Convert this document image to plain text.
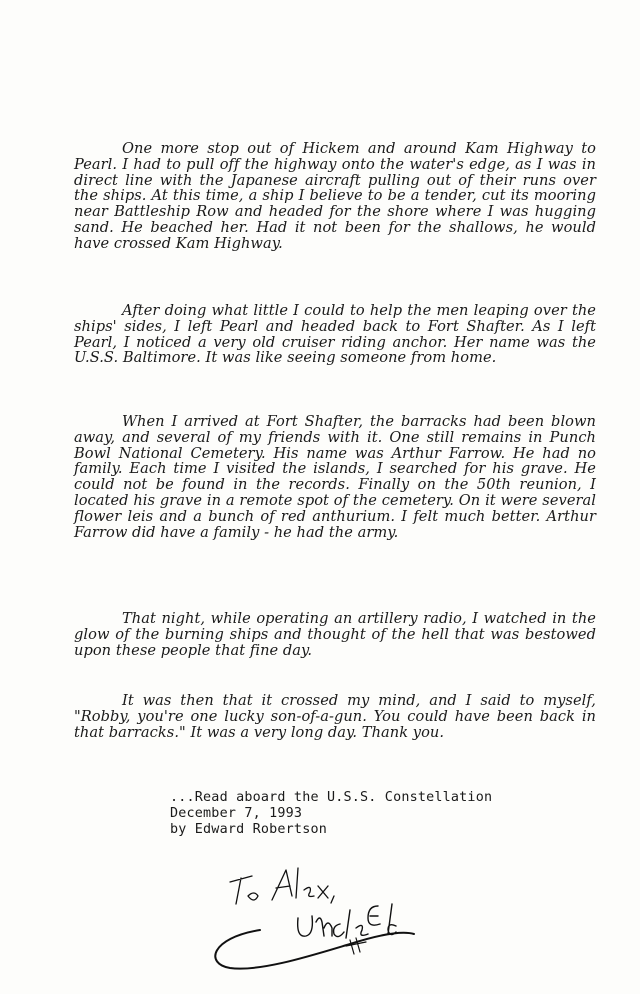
One more stop out of Hickem and around Kam Highway to Pearl. I had to pull off the highway onto the water's edge, as I was in direct line with the Japanese aircraft pulling out of their runs over the ships. At this time, a ship I believe to be a tender, cut its mooring near Battleship Row and headed for the shore where I was hugging sand. He beached her. Had it not been for the shallows, he would have crossed Kam Highway.

After doing what little I could to help the men leaping over the ships' sides, I left Pearl and headed back to Fort Shafter. As I left Pearl, I noticed a very old cruiser riding anchor. Her name was the U.S.S. Baltimore. It was like seeing someone from home.

When I arrived at Fort Shafter, the barracks had been blown away, and several of my friends with it. One still remains in Punch Bowl National Cemetery. His name was Arthur Farrow. He had no family. Each time I visited the islands, I searched for his grave. He could not be found in the records. Finally on the 50th reunion, I located his grave in a remote spot of the cemetery. On it were several flower leis and a bunch of red anthurium. I felt much better. Arthur Farrow did have a family - he had the army.

That night, while operating an artillery radio, I watched in the glow of the burning ships and thought of the hell that was bestowed upon these people that fine day.

It was then that it crossed my mind, and I said to myself, "Robby, you're one lucky son-of-a-gun. You could have been back in that barracks." It was a very long day. Thank you.

...Read aboard the U.S.S. Constellation
December 7, 1993
by Edward Robertson
